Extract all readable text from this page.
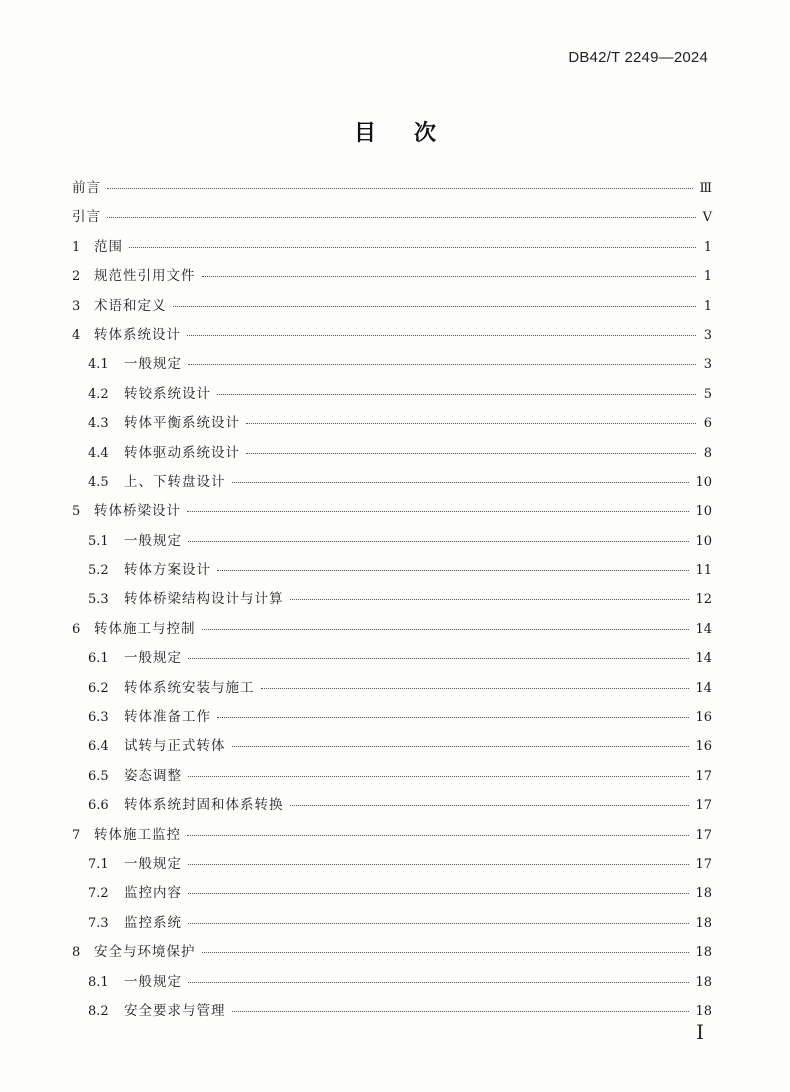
DB42/T 2249—2024
目次
前言	Ⅲ
引言	Ⅴ
1	范围	1
2	规范性引用文件	1
3	术语和定义	1
4	转体系统设计	3
4.1	一般规定	3
4.2	转铰系统设计	5
4.3	转体平衡系统设计	6
4.4	转体驱动系统设计	8
4.5	上、下转盘设计	10
5	转体桥梁设计	10
5.1	一般规定	10
5.2	转体方案设计	11
5.3	转体桥梁结构设计与计算	12
6	转体施工与控制	14
6.1	一般规定	14
6.2	转体系统安装与施工	14
6.3	转体准备工作	16
6.4	试转与正式转体	16
6.5	姿态调整	17
6.6	转体系统封固和体系转换	17
7	转体施工监控	17
7.1	一般规定	17
7.2	监控内容	18
7.3	监控系统	18
8	安全与环境保护	18
8.1	一般规定	18
8.2	安全要求与管理	18
I
